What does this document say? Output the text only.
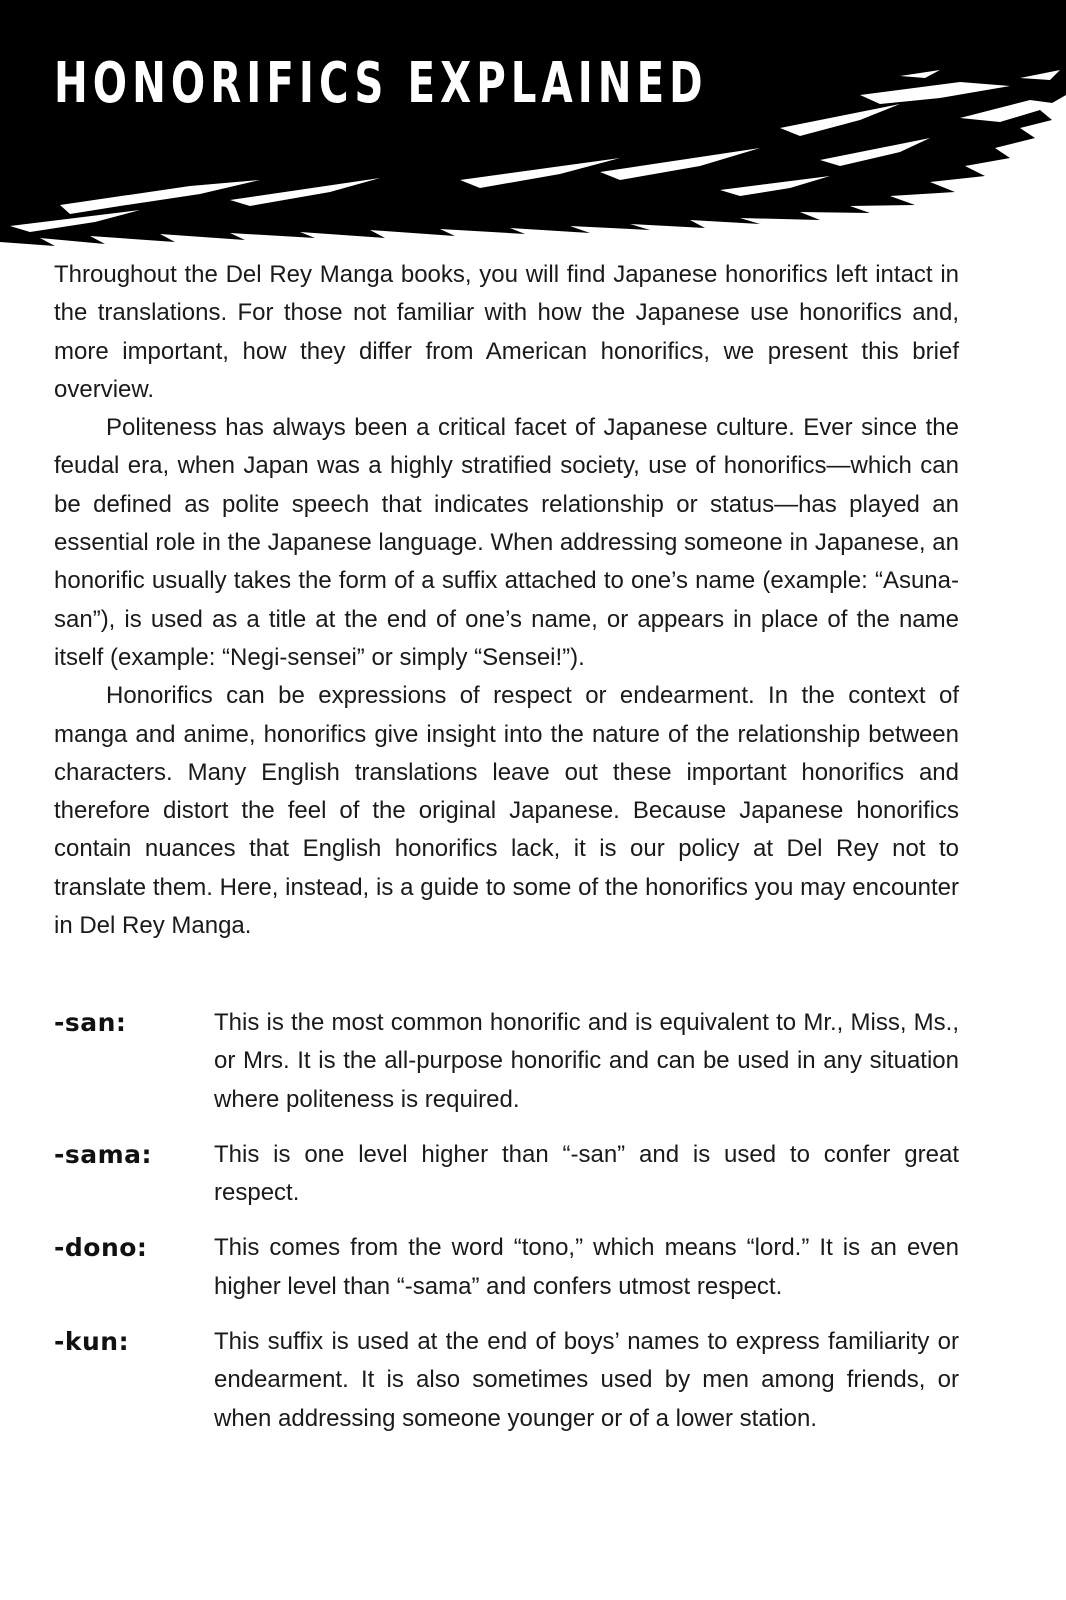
HONORIFICS EXPLAINED

Throughout the Del Rey Manga books, you will find Japanese honorifics left intact in the translations. For those not familiar with how the Japanese use honorifics and, more important, how they differ from American honorifics, we present this brief overview.

Politeness has always been a critical facet of Japanese culture. Ever since the feudal era, when Japan was a highly stratified society, use of honorifics—which can be defined as polite speech that indicates relationship or status—has played an essential role in the Japanese language. When addressing someone in Japanese, an honorific usually takes the form of a suffix attached to one’s name (example: “Asuna-san”), is used as a title at the end of one’s name, or appears in place of the name itself (example: “Negi-sensei” or simply “Sensei!”).

Honorifics can be expressions of respect or endearment. In the context of manga and anime, honorifics give insight into the nature of the relationship between characters. Many English translations leave out these important honorifics and therefore distort the feel of the original Japanese. Because Japanese honorifics contain nuances that English honorifics lack, it is our policy at Del Rey not to translate them. Here, instead, is a guide to some of the honorifics you may encounter in Del Rey Manga.

-san:	This is the most common honorific and is equivalent to Mr., Miss, Ms., or Mrs. It is the all-purpose honorific and can be used in any situation where politeness is required.
-sama:	This is one level higher than “-san” and is used to confer great respect.
-dono:	This comes from the word “tono,” which means “lord.” It is an even higher level than “-sama” and confers utmost respect.
-kun:	This suffix is used at the end of boys’ names to express familiarity or endearment. It is also sometimes used by men among friends, or when addressing someone younger or of a lower station.
